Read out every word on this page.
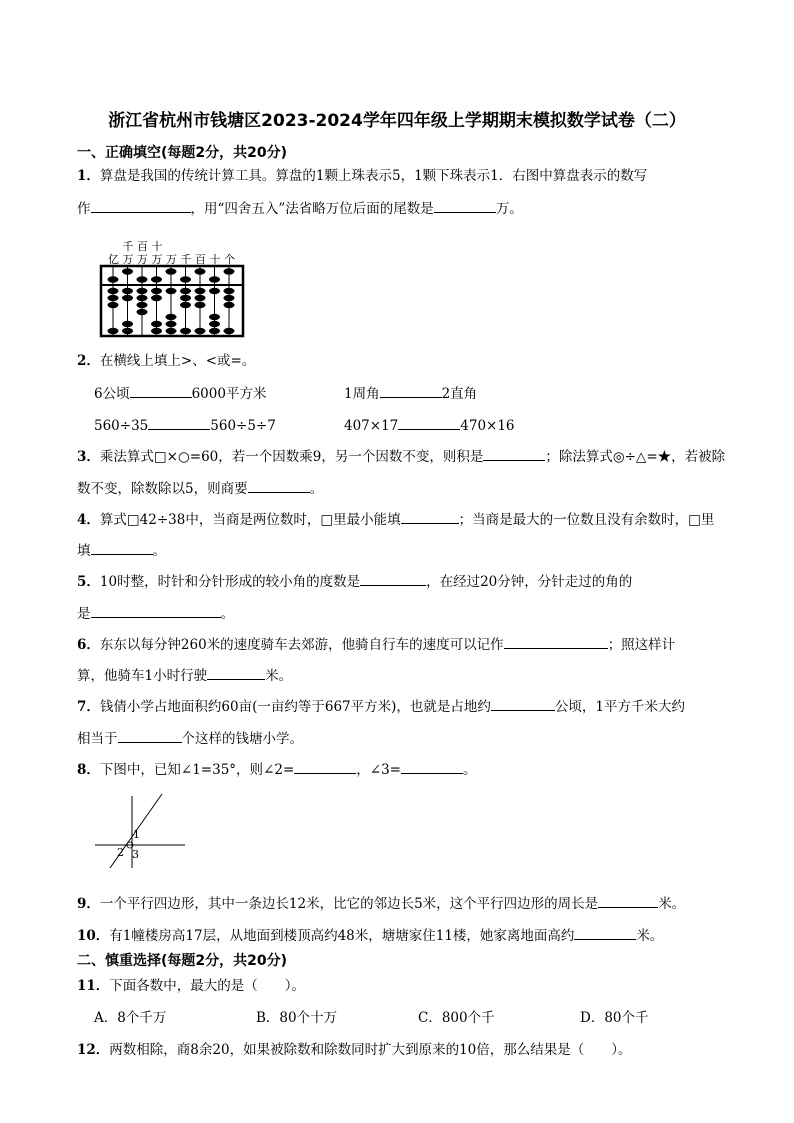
浙江省杭州市钱塘区2023-2024学年四年级上学期期末模拟数学试卷（二）
一、正确填空(每题2分，共20分)
1．算盘是我国的传统计算工具。算盘的1颗上珠表示5，1颗下珠表示1．右图中算盘表示的数写
作	，用“四舍五入”法省略万位后面的尾数是	万。
千 百 十
亿 万 万 万 万 千 百 十 个
2．在横线上填上>、<或=。
6公顷	6000平方米	1周角	2直角
560÷35	560÷5÷7	407×17	470×16
3．乘法算式□×○=60，若一个因数乘9，另一个因数不变，则积是	；除法算式◎÷△=★，若被除
数不变，除数除以5，则商要	。
4．算式□42÷38中，当商是两位数时，□里最小能填	；当商是最大的一位数且没有余数时，□里
填	。
5．10时整，时针和分针形成的较小角的度数是	，在经过20分钟，分针走过的角的
是	。
6．东东以每分钟260米的速度骑车去郊游，他骑自行车的速度可以记作	；照这样计
算，他骑车1小时行驶	米。
7．钱倩小学占地面积约60亩(一亩约等于667平方米)，也就是占地约	公顷，1平方千米大约
相当于	个这样的钱塘小学。
8．下图中，已知∠1=35°，则∠2=	，∠3=	。
1
2 3
9．一个平行四边形，其中一条边长12米，比它的邻边长5米，这个平行四边形的周长是	米。
10．有1幢楼房高17层，从地面到楼顶高约48米，塘塘家住11楼，她家离地面高约	米。
二、慎重选择(每题2分，共20分)
11．下面各数中，最大的是（　　）。
A．8个千万	B．80个十万	C．800个千	D．80个千
12．两数相除，商8余20，如果被除数和除数同时扩大到原来的10倍，那么结果是（　　）。
